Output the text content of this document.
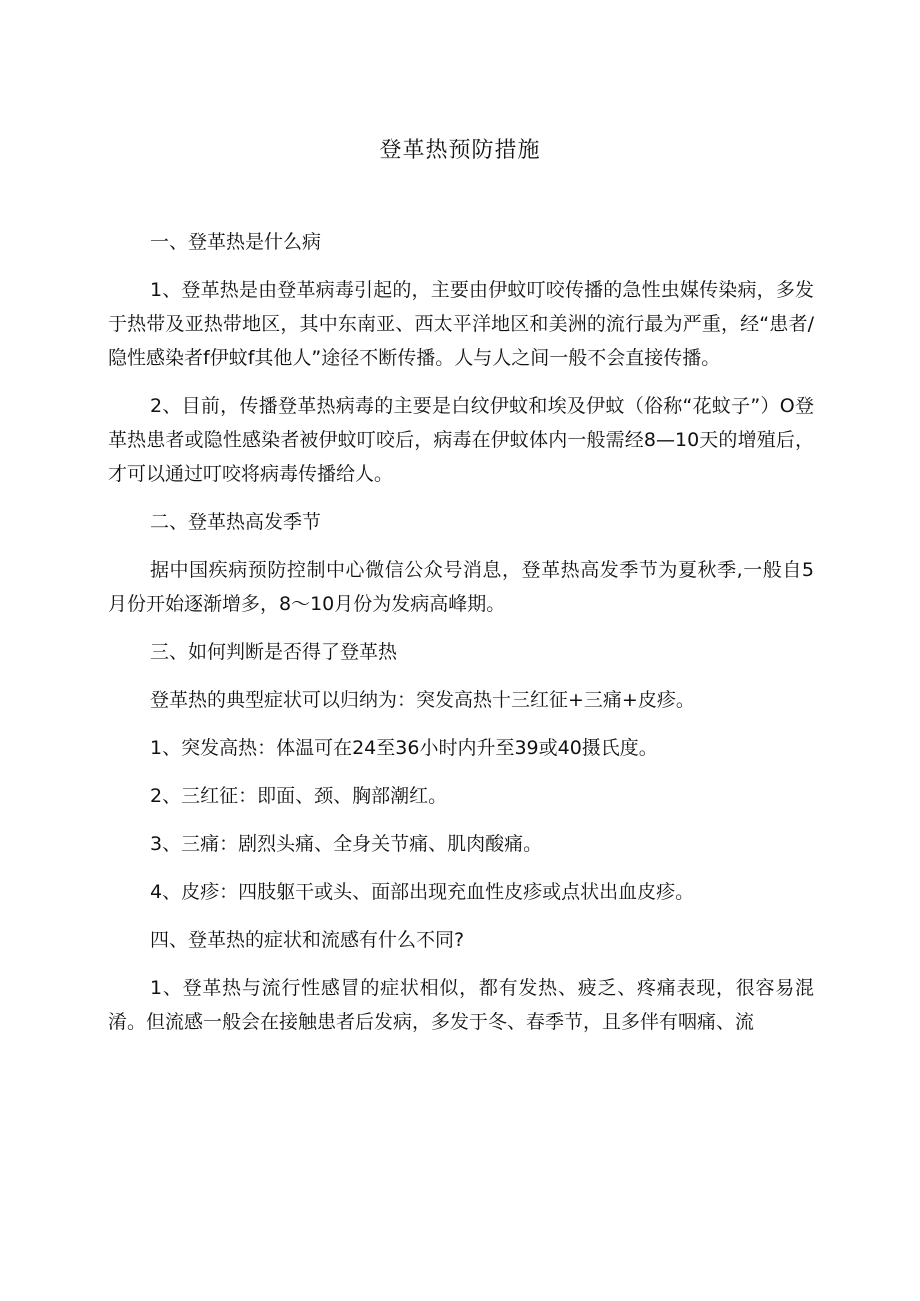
登革热预防措施

一、登革热是什么病

1、登革热是由登革病毒引起的，主要由伊蚊叮咬传播的急性虫媒传染病，多发于热带及亚热带地区，其中东南亚、西太平洋地区和美洲的流行最为严重，经“患者/隐性感染者f伊蚊f其他人”途径不断传播。人与人之间一般不会直接传播。

2、目前，传播登革热病毒的主要是白纹伊蚊和埃及伊蚊（俗称“花蚊子”）O登革热患者或隐性感染者被伊蚊叮咬后，病毒在伊蚊体内一般需经8—10天的增殖后，才可以通过叮咬将病毒传播给人。

二、登革热高发季节

据中国疾病预防控制中心微信公众号消息，登革热高发季节为夏秋季,一般自5月份开始逐渐增多，8〜10月份为发病高峰期。

三、如何判断是否得了登革热

登革热的典型症状可以归纳为：突发高热十三红征+三痛+皮疹。

1、突发高热：体温可在24至36小时内升至39或40摄氏度。

2、三红征：即面、颈、胸部潮红。

3、三痛：剧烈头痛、全身关节痛、肌肉酸痛。

4、皮疹：四肢躯干或头、面部出现充血性皮疹或点状出血皮疹。

四、登革热的症状和流感有什么不同?

1、登革热与流行性感冒的症状相似，都有发热、疲乏、疼痛表现，很容易混淆。但流感一般会在接触患者后发病，多发于冬、春季节，且多伴有咽痛、流
